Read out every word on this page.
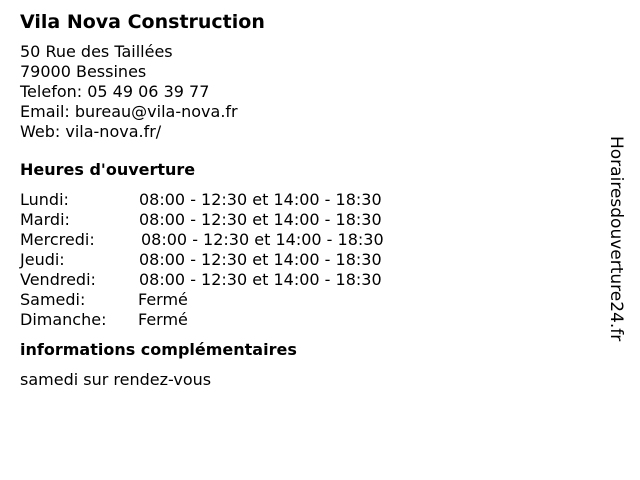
Vila Nova Construction
50 Rue des Taillées
79000 Bessines
Telefon: 05 49 06 39 77
Email: bureau@vila-nova.fr
Web: vila-nova.fr/
Heures d'ouverture
Lundi:	08:00 - 12:30 et 14:00 - 18:30
Mardi:	08:00 - 12:30 et 14:00 - 18:30
Mercredi:	08:00 - 12:30 et 14:00 - 18:30
Jeudi:	08:00 - 12:30 et 14:00 - 18:30
Vendredi:	08:00 - 12:30 et 14:00 - 18:30
Samedi:	Fermé
Dimanche: Fermé
informations complémentaires
samedi sur rendez-vous
Horairesdouverture24.fr
